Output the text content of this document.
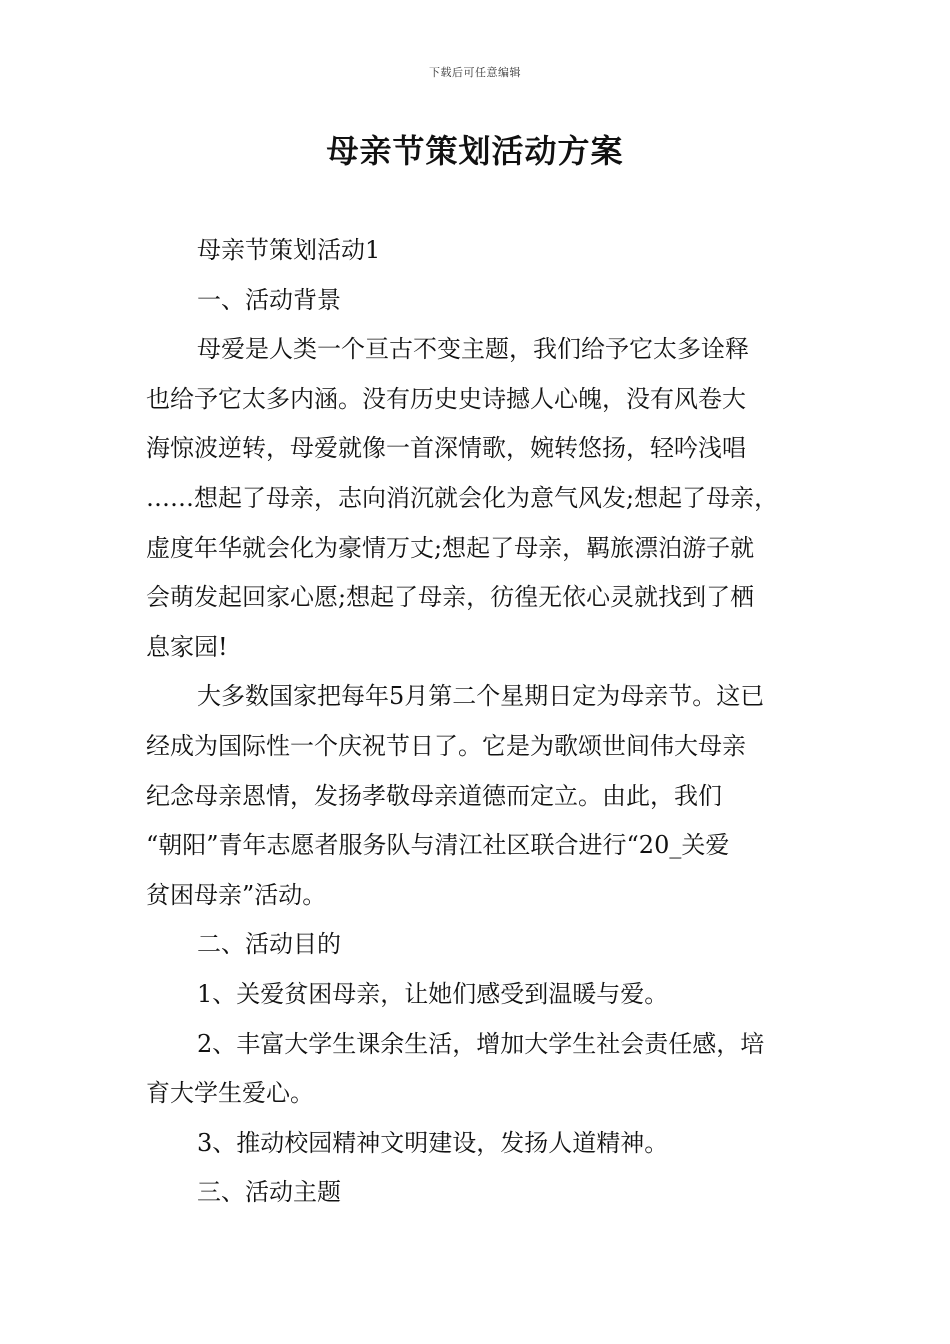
下载后可任意编辑
母亲节策划活动方案

母亲节策划活动1

一、活动背景

母爱是人类一个亘古不变主题，我们给予它太多诠释

也给予它太多内涵。没有历史史诗撼人心魄，没有风卷大

海惊波逆转，母爱就像一首深情歌，婉转悠扬，轻吟浅唱

……想起了母亲，志向消沉就会化为意气风发;想起了母亲，

虚度年华就会化为豪情万丈;想起了母亲，羁旅漂泊游子就

会萌发起回家心愿;想起了母亲，彷徨无依心灵就找到了栖

息家园!

大多数国家把每年5月第二个星期日定为母亲节。这已

经成为国际性一个庆祝节日了。它是为歌颂世间伟大母亲

纪念母亲恩情，发扬孝敬母亲道德而定立。由此，我们

“朝阳”青年志愿者服务队与清江社区联合进行“20_关爱

贫困母亲”活动。

二、活动目的

1、关爱贫困母亲，让她们感受到温暖与爱。

2、丰富大学生课余生活，增加大学生社会责任感，培

育大学生爱心。

3、推动校园精神文明建设，发扬人道精神。

三、活动主题
